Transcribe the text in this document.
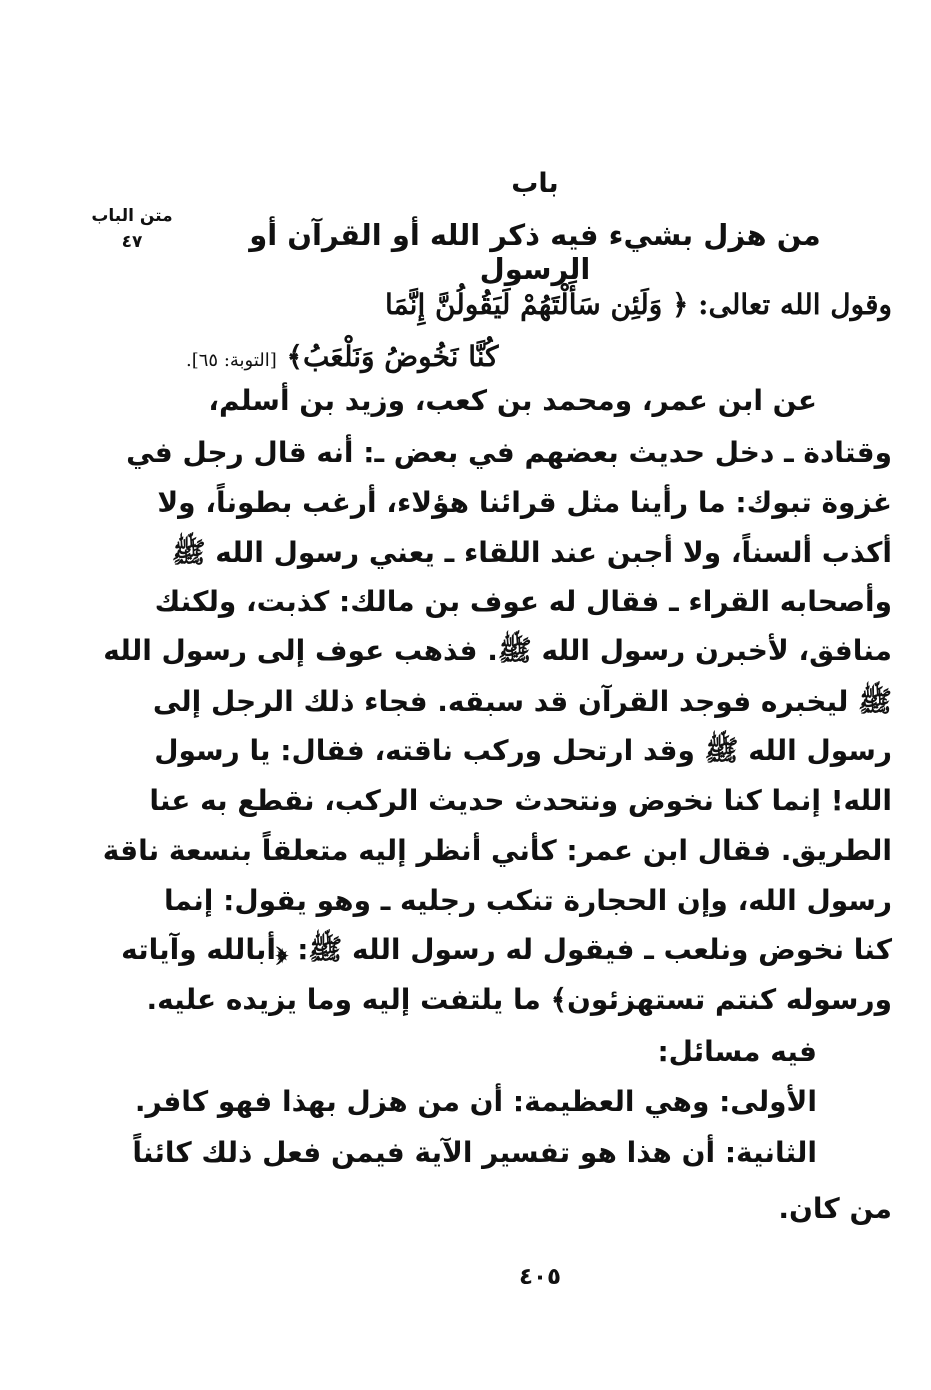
متن الباب
٤٧
باب
من هزل بشيء فيه ذكر الله أو القرآن أو الرسول
وقول الله تعالى: ﴿ وَلَئِن سَأَلْتَهُمْ لَيَقُولُنَّ إِنَّمَا
كُنَّا نَخُوضُ وَنَلْعَبُ﴾ [التوبة: ٦٥].
عن ابن عمر، ومحمد بن كعب، وزيد بن أسلم،
وقتادة ـ دخل حديث بعضهم في بعض ـ: أنه قال رجل في
غزوة تبوك: ما رأينا مثل قرائنا هؤلاء، أرغب بطوناً، ولا
أكذب ألسناً، ولا أجبن عند اللقاء ـ يعني رسول الله ﷺ
وأصحابه القراء ـ فقال له عوف بن مالك: كذبت، ولكنك
منافق، لأخبرن رسول الله ﷺ. فذهب عوف إلى رسول الله
ﷺ ليخبره فوجد القرآن قد سبقه. فجاء ذلك الرجل إلى
رسول الله ﷺ وقد ارتحل وركب ناقته، فقال: يا رسول
الله! إنما كنا نخوض ونتحدث حديث الركب، نقطع به عنا
الطريق. فقال ابن عمر: كأني أنظر إليه متعلقاً بنسعة ناقة
رسول الله، وإن الحجارة تنكب رجليه ـ وهو يقول: إنما
كنا نخوض ونلعب ـ فيقول له رسول الله ﷺ: ﴿أبالله وآياته
ورسوله كنتم تستهزئون﴾ ما يلتفت إليه وما يزيده عليه.
فيه مسائل:
الأولى: وهي العظيمة: أن من هزل بهذا فهو كافر.
الثانية: أن هذا هو تفسير الآية فيمن فعل ذلك كائناً
من كان.
٤٠٥
